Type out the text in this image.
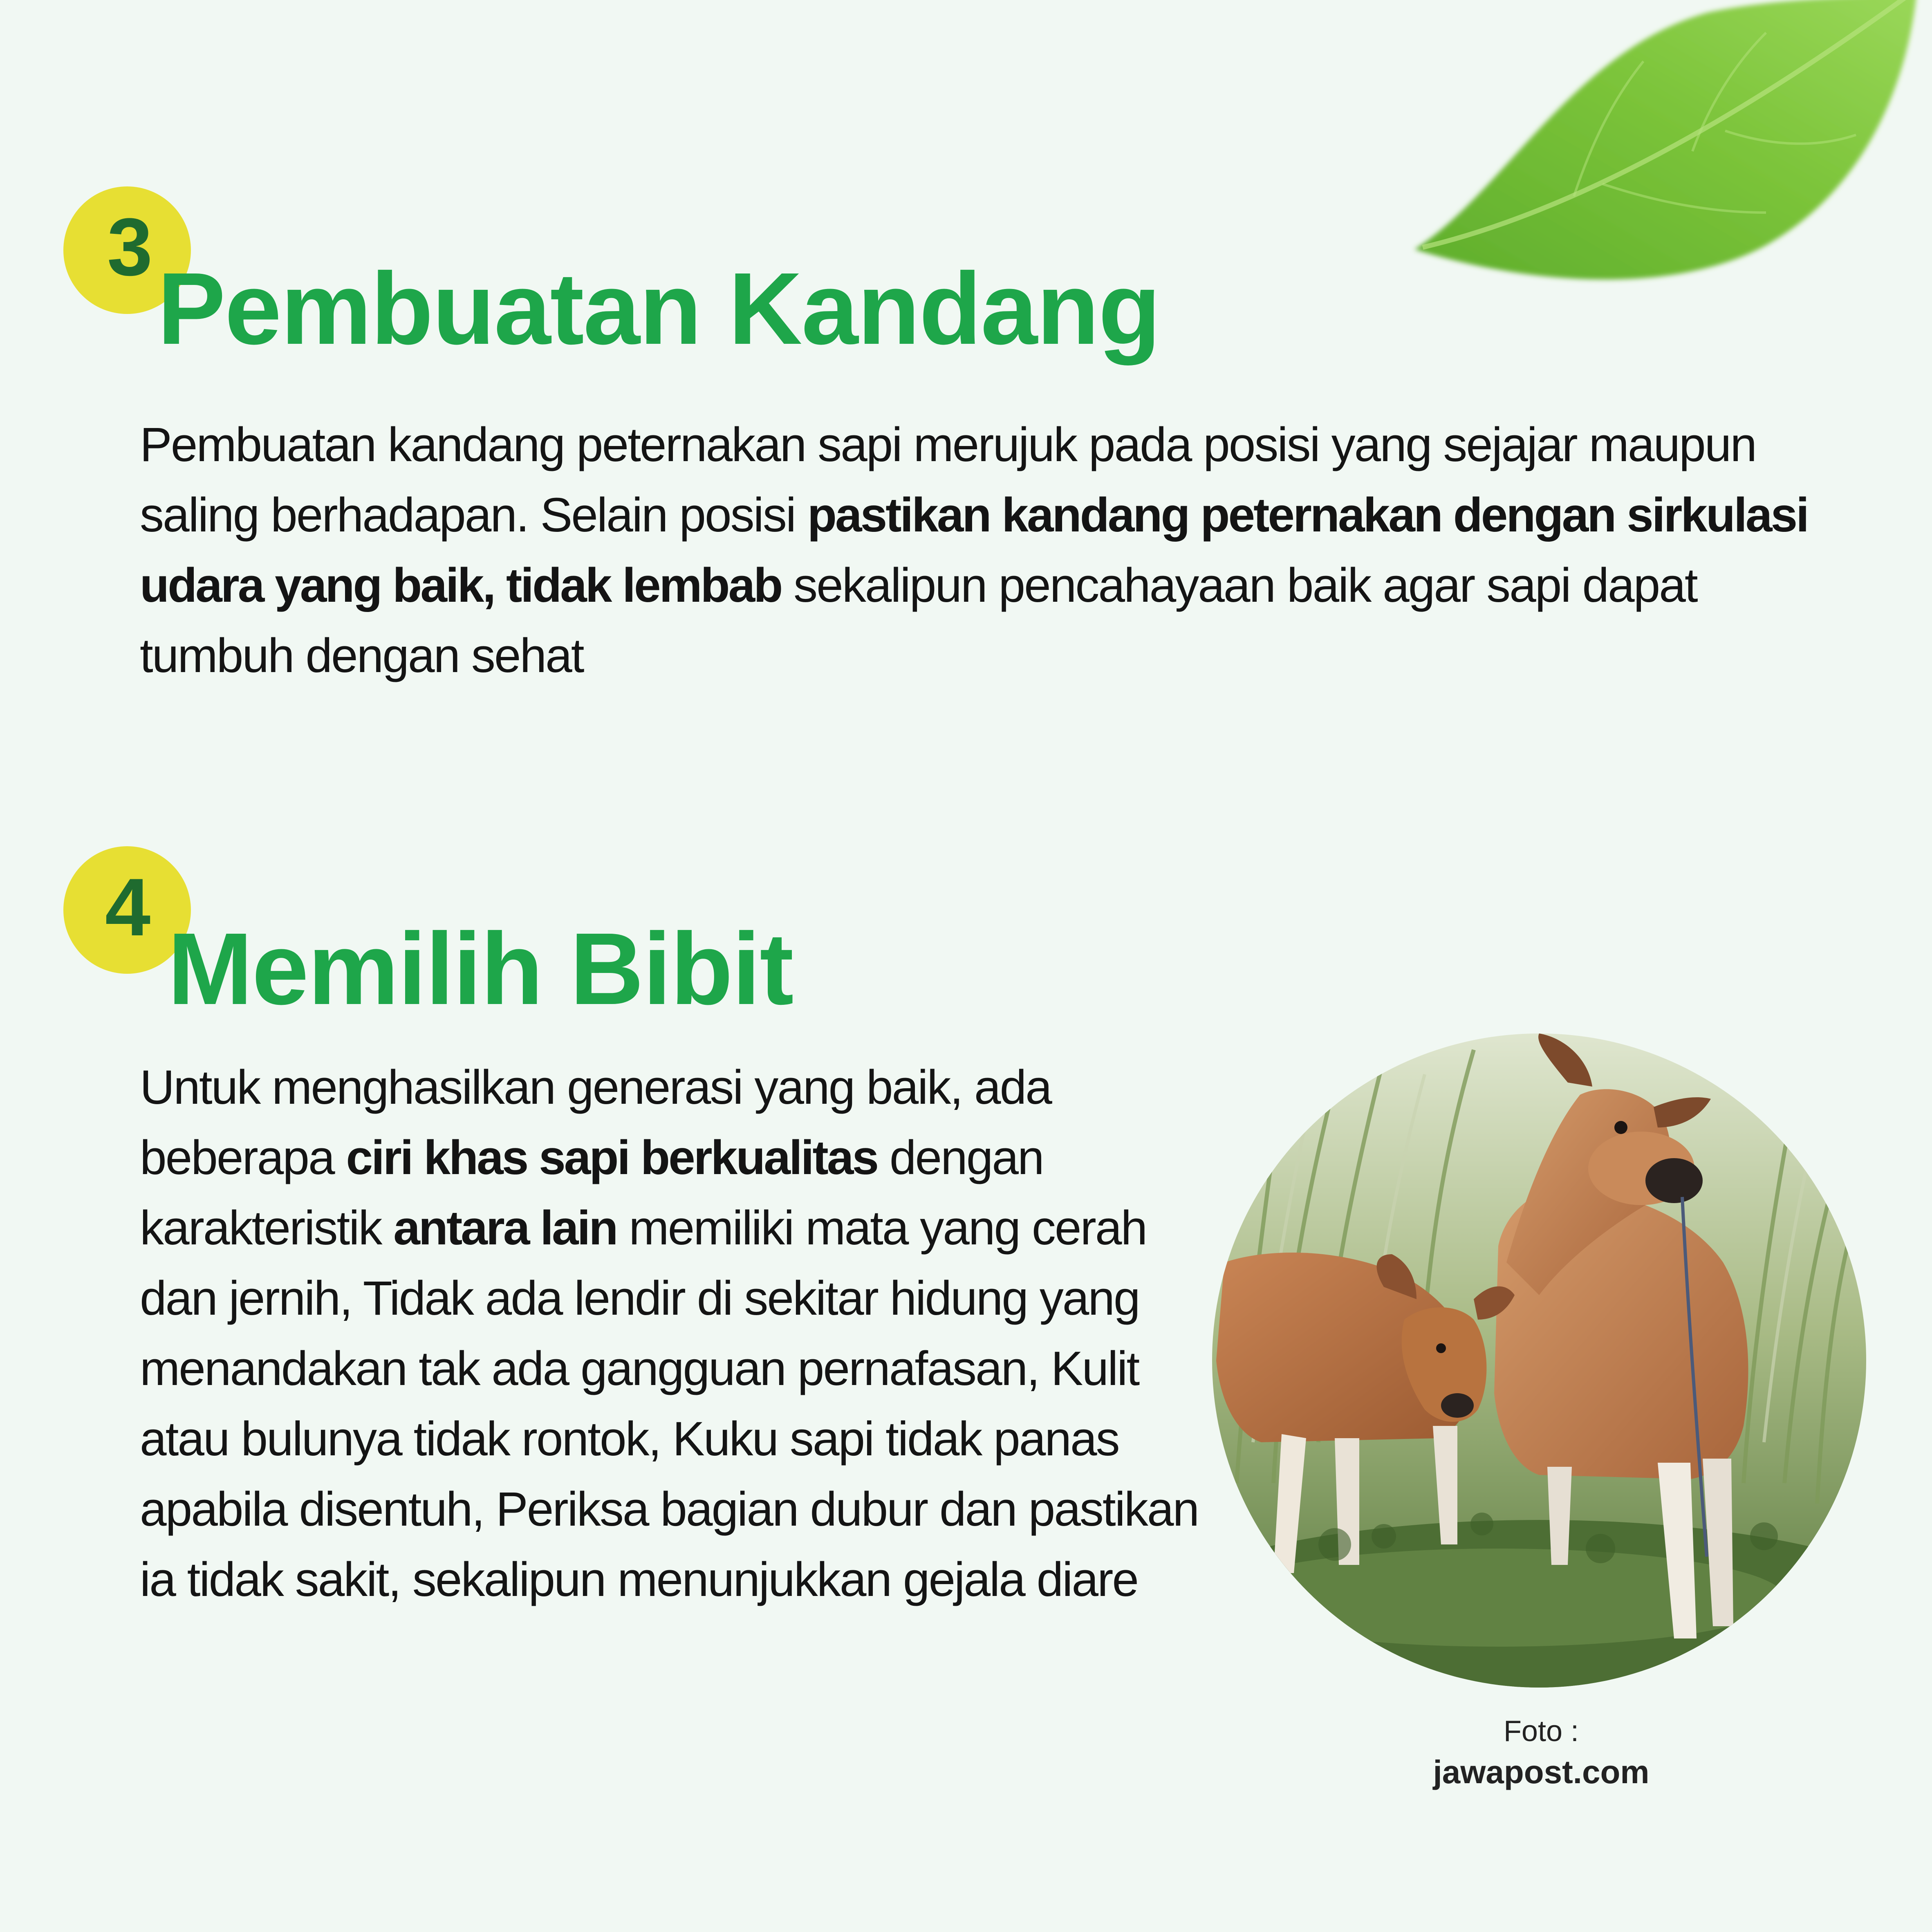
3
Pembuatan Kandang

Pembuatan kandang peternakan sapi merujuk pada posisi yang sejajar maupun saling berhadapan. Selain posisi pastikan kandang peternakan dengan sirkulasi udara yang baik, tidak lembab sekalipun pencahayaan baik agar sapi dapat tumbuh dengan sehat

4
Memilih Bibit

Untuk menghasilkan generasi yang baik, ada beberapa ciri khas sapi berkualitas dengan karakteristik antara lain memiliki mata yang cerah dan jernih, Tidak ada lendir di sekitar hidung yang menandakan tak ada gangguan pernafasan, Kulit atau bulunya tidak rontok, Kuku sapi tidak panas apabila disentuh, Periksa bagian dubur dan pastikan ia tidak sakit, sekalipun menunjukkan gejala diare

Foto :
jawapost.com
